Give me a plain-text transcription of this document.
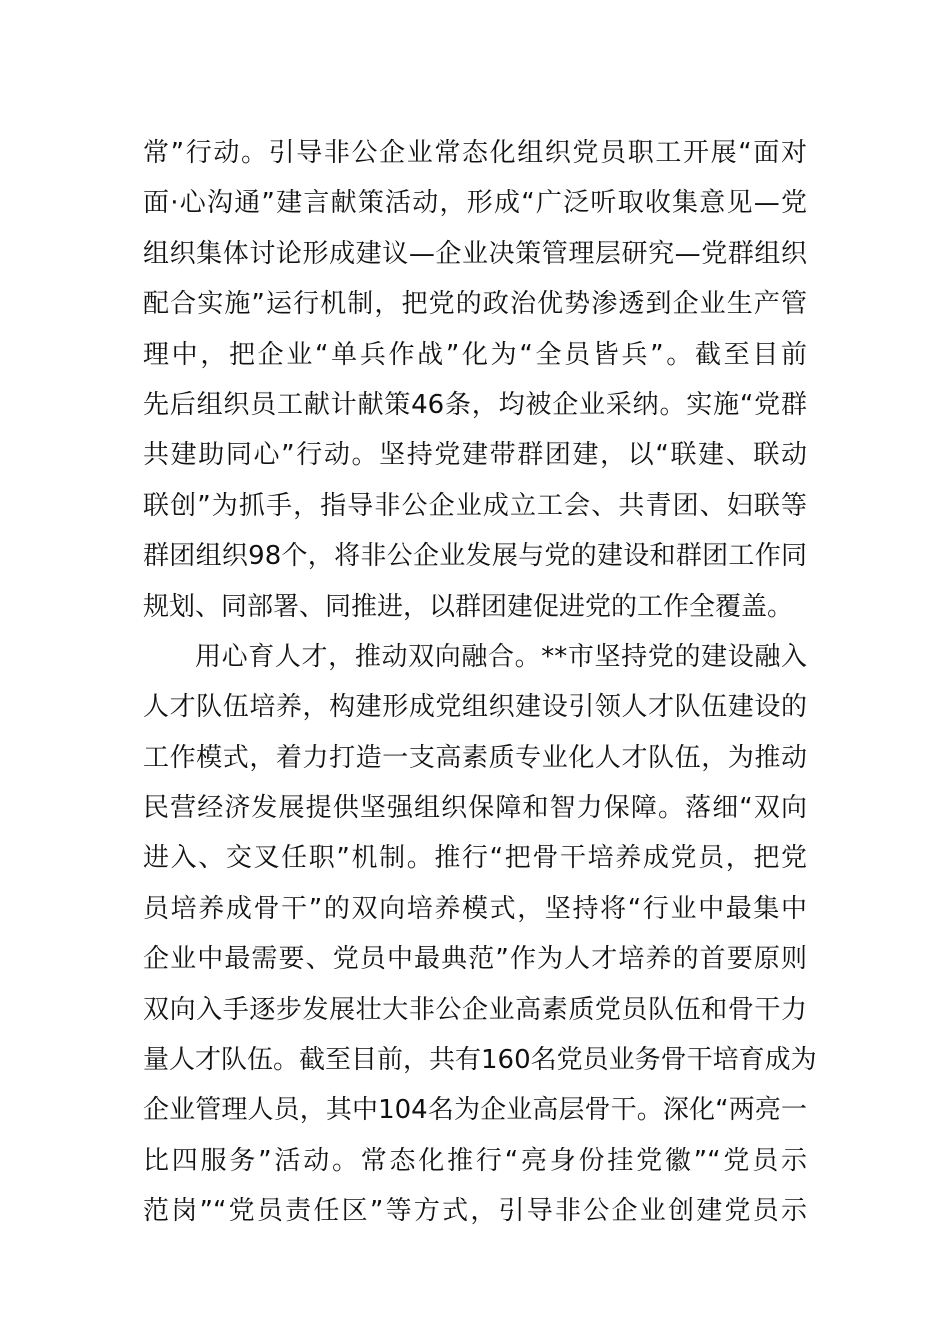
常”行动。引导非公企业常态化组织党员职工开展“面对
面·心沟通”建言献策活动，形成“广泛听取收集意见—党
组织集体讨论形成建议—企业决策管理层研究—党群组织
配合实施”运行机制，把党的政治优势渗透到企业生产管
理中，把企业“单兵作战”化为“全员皆兵”。截至目前
先后组织员工献计献策46条，均被企业采纳。实施“党群
共建助同心”行动。坚持党建带群团建，以“联建、联动
联创”为抓手，指导非公企业成立工会、共青团、妇联等
群团组织98个，将非公企业发展与党的建设和群团工作同
规划、同部署、同推进，以群团建促进党的工作全覆盖。
用心育人才，推动双向融合。**市坚持党的建设融入
人才队伍培养，构建形成党组织建设引领人才队伍建设的
工作模式，着力打造一支高素质专业化人才队伍，为推动
民营经济发展提供坚强组织保障和智力保障。落细“双向
进入、交叉任职”机制。推行“把骨干培养成党员，把党
员培养成骨干”的双向培养模式，坚持将“行业中最集中
企业中最需要、党员中最典范”作为人才培养的首要原则
双向入手逐步发展壮大非公企业高素质党员队伍和骨干力
量人才队伍。截至目前，共有160名党员业务骨干培育成为
企业管理人员，其中104名为企业高层骨干。深化“两亮一
比四服务”活动。常态化推行“亮身份挂党徽”“党员示
范岗”“党员责任区”等方式，引导非公企业创建党员示
